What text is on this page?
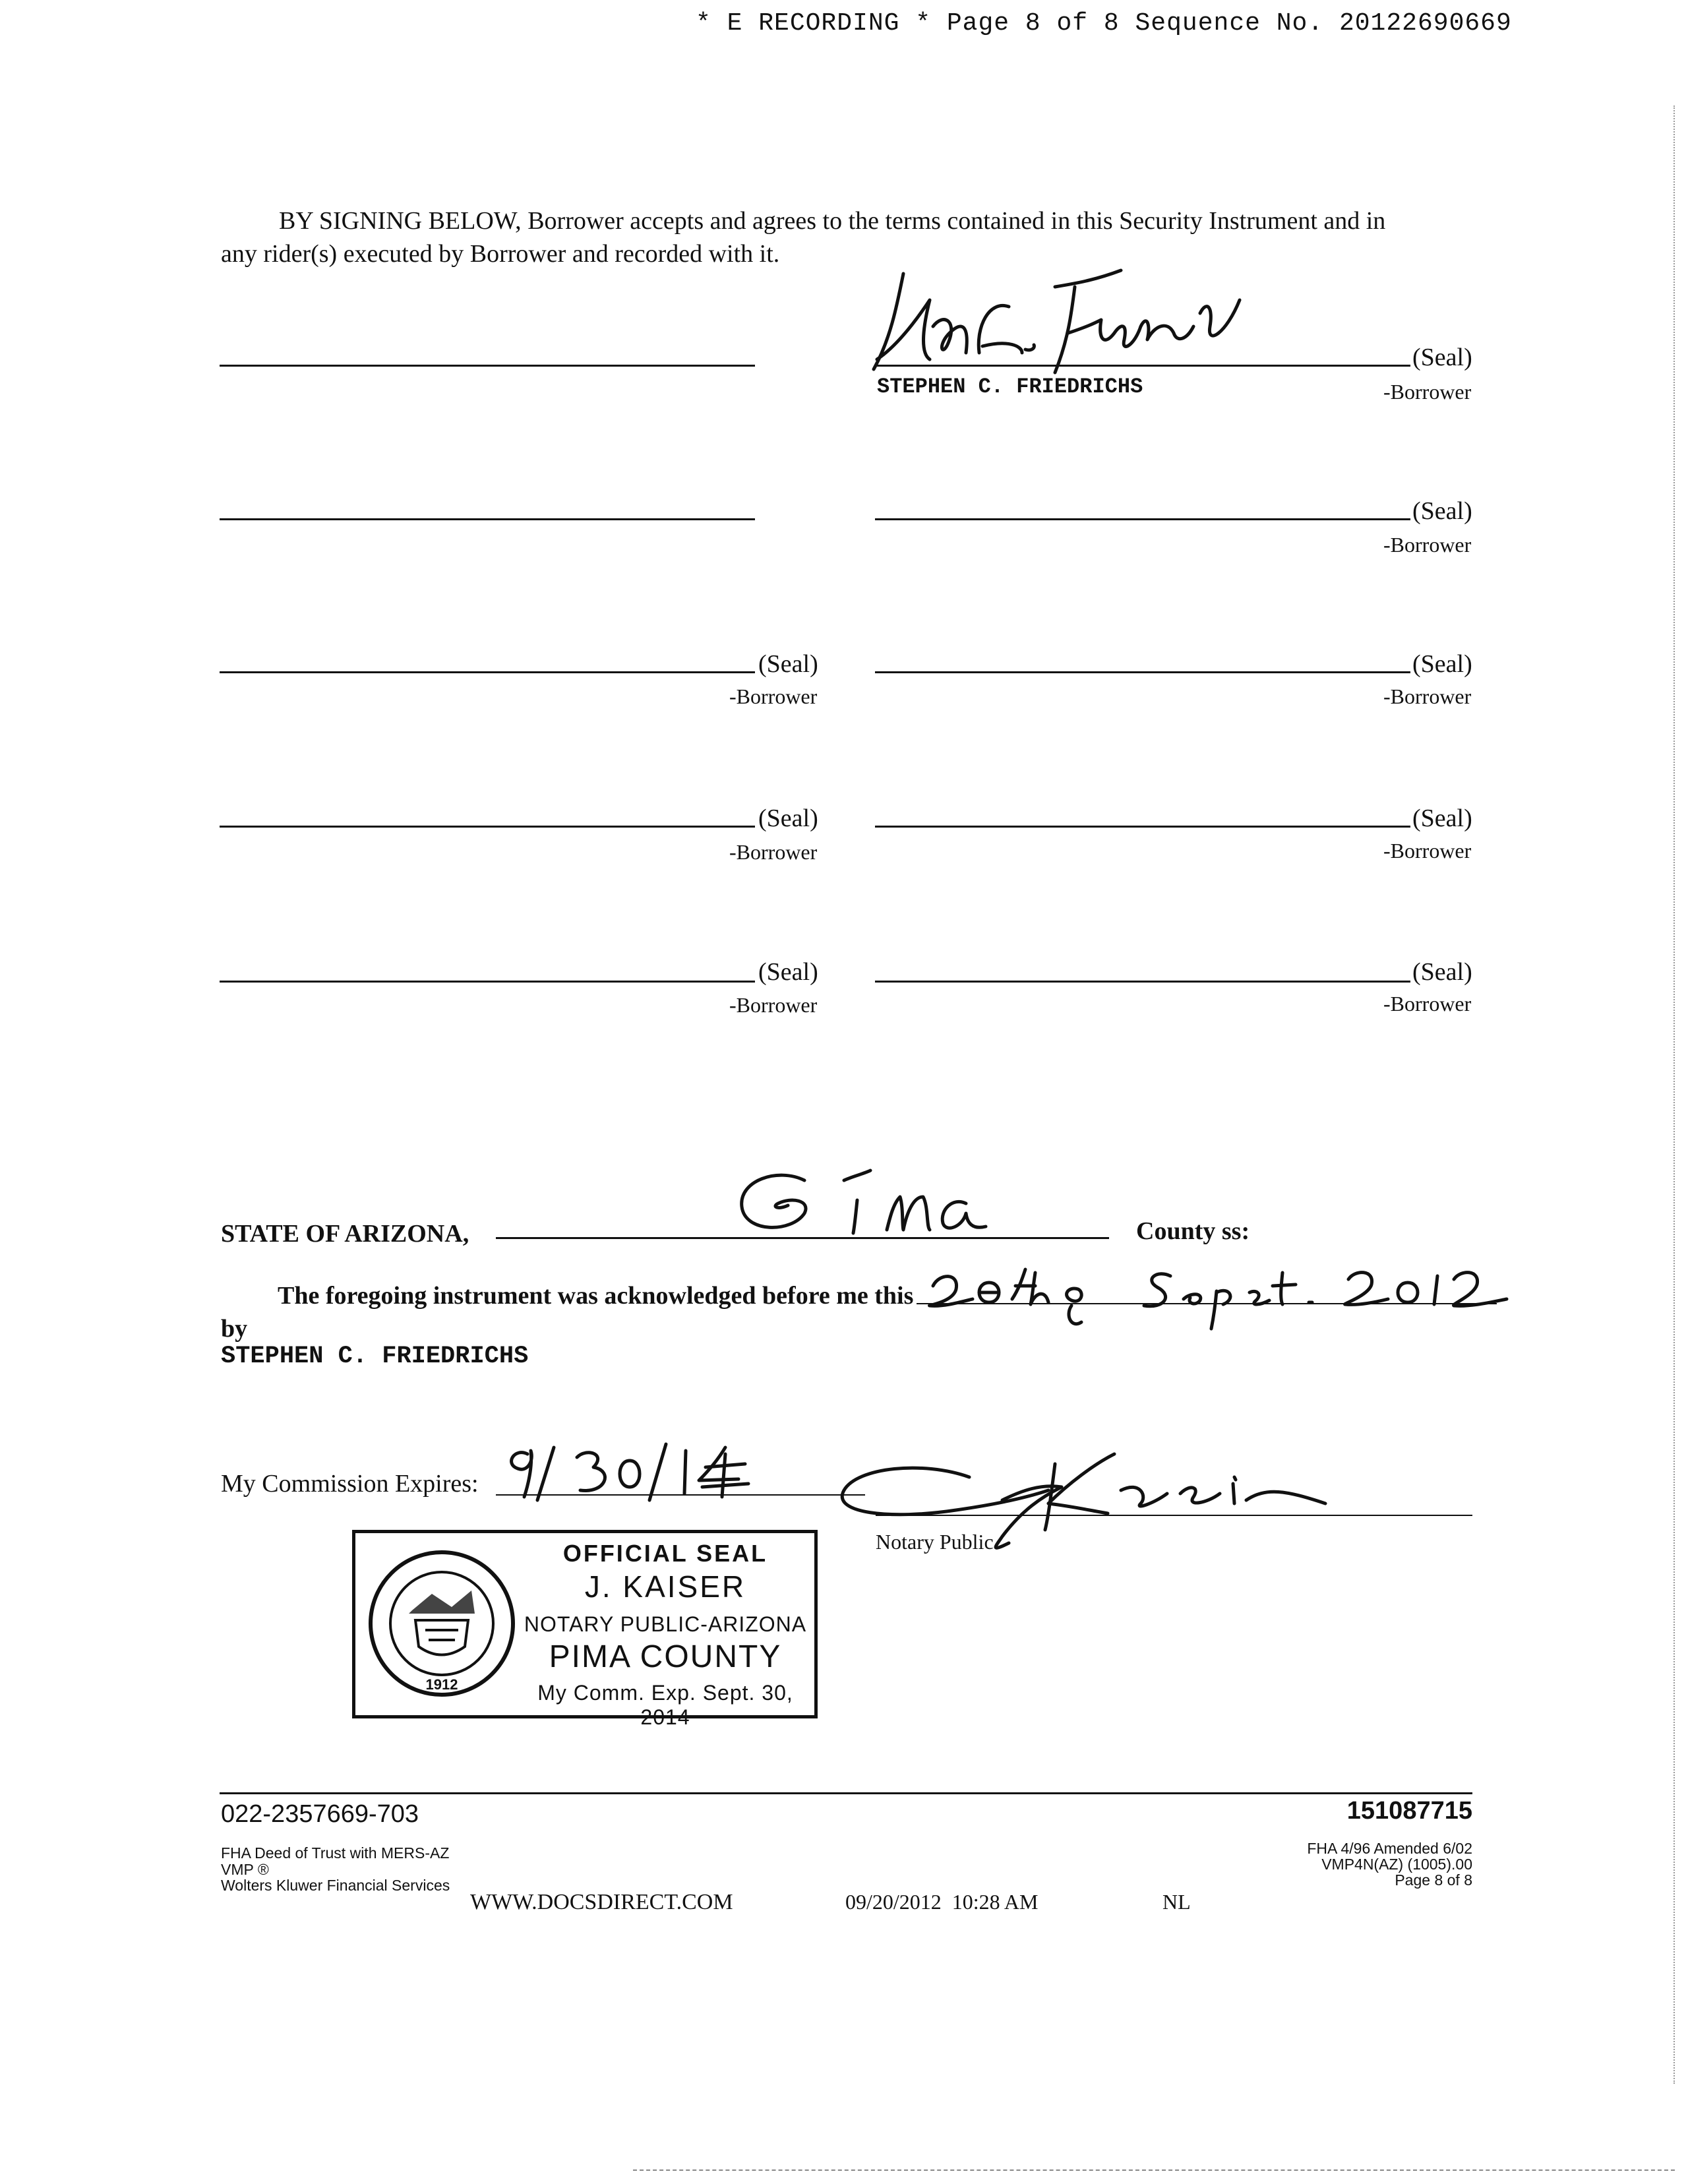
* E RECORDING * Page 8 of 8 Sequence No. 20122690669
BY SIGNING BELOW, Borrower accepts and agrees to the terms contained in this Security Instrument and in
any rider(s) executed by Borrower and recorded with it.
(Seal)
-Borrower
STEPHEN C. FRIEDRICHS
(Seal)
-Borrower
(Seal)
-Borrower
(Seal)
-Borrower
(Seal)
-Borrower
(Seal)
-Borrower
(Seal)
-Borrower
(Seal)
-Borrower
STATE OF ARIZONA,	County ss:
The foregoing instrument was acknowledged before me this
by
STEPHEN C. FRIEDRICHS
My Commission Expires:
Notary Public
1912
OFFICIAL SEAL
J. KAISER
NOTARY PUBLIC-ARIZONA
PIMA COUNTY
My Comm. Exp. Sept. 30, 2014
022-2357669-703	151087715
FHA Deed of Trust with MERS-AZ
VMP ®
Wolters Kluwer Financial Services
FHA 4/96 Amended 6/02
VMP4N(AZ) (1005).00
Page 8 of 8
WWW.DOCSDIRECT.COM	09/20/2012  10:28 AM	NL
